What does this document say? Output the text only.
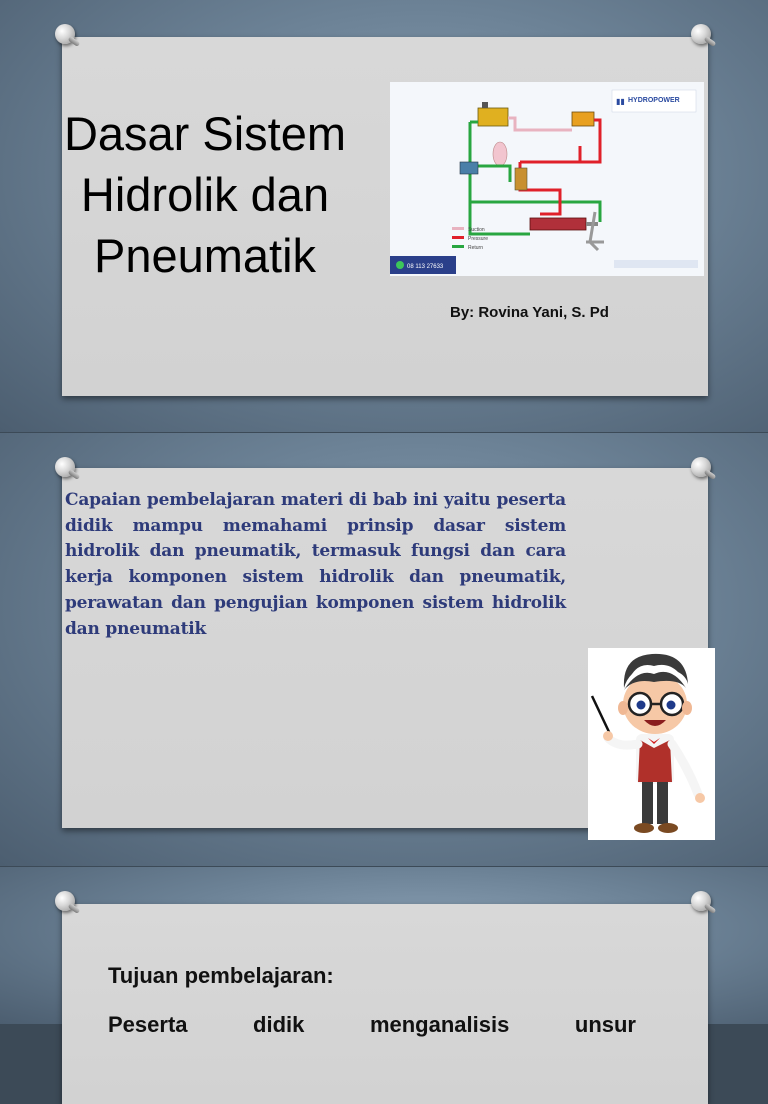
Dasar Sistem
Hidrolik dan
Pneumatik
▮▮ HYDROPOWER
Suction
Pressure
Return
08 113 27633
By: Rovina Yani, S. Pd
Capaian pembelajaran materi di bab ini yaitu peserta didik mampu memahami prinsip dasar sistem hidrolik dan pneumatik, termasuk fungsi dan cara kerja komponen sistem hidrolik dan pneumatik, perawatan dan pengujian komponen sistem hidrolik dan pneumatik
Tujuan pembelajaran:
